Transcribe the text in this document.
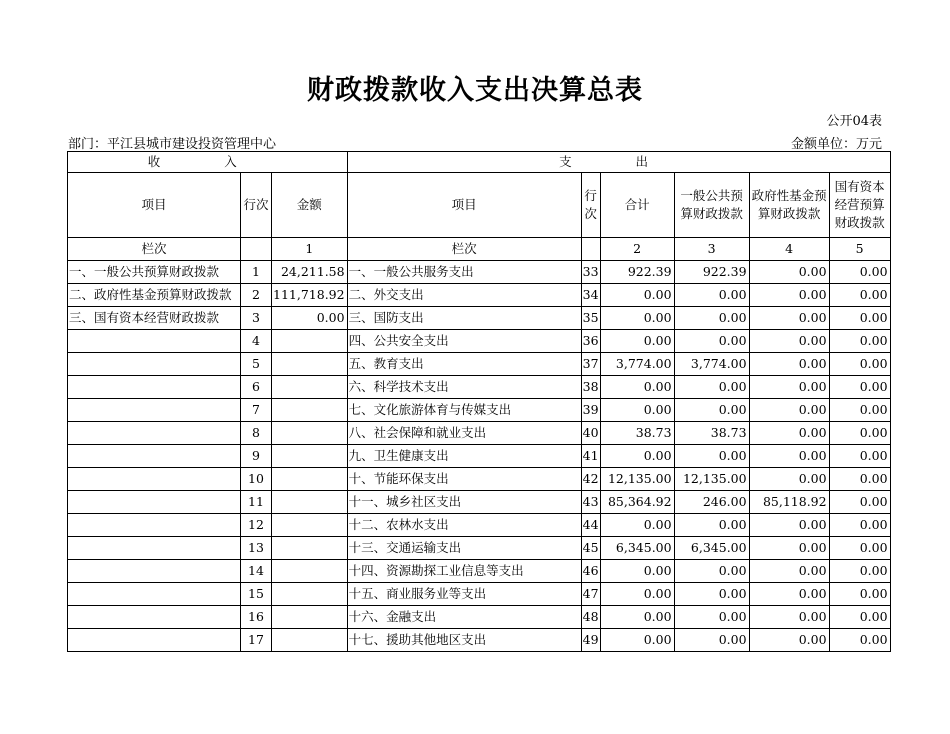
财政拨款收入支出决算总表
公开04表
部门：平江县城市建设投资管理中心	金额单位：万元
收 入			支 出					
项目	行次	金额	项目	行次	合计	一般公共预算财政拨款	政府性基金预算财政拨款	国有资本经营预算财政拨款
栏次		1	栏次		2	3	4	5
一、一般公共预算财政拨款	1	24,211.58	一、一般公共服务支出	33	922.39	922.39	0.00	0.00
二、政府性基金预算财政拨款	2	111,718.92	二、外交支出	34	0.00	0.00	0.00	0.00
三、国有资本经营财政拨款	3	0.00	三、国防支出	35	0.00	0.00	0.00	0.00
	4		四、公共安全支出	36	0.00	0.00	0.00	0.00
	5		五、教育支出	37	3,774.00	3,774.00	0.00	0.00
	6		六、科学技术支出	38	0.00	0.00	0.00	0.00
	7		七、文化旅游体育与传媒支出	39	0.00	0.00	0.00	0.00
	8		八、社会保障和就业支出	40	38.73	38.73	0.00	0.00
	9		九、卫生健康支出	41	0.00	0.00	0.00	0.00
	10		十、节能环保支出	42	12,135.00	12,135.00	0.00	0.00
	11		十一、城乡社区支出	43	85,364.92	246.00	85,118.92	0.00
	12		十二、农林水支出	44	0.00	0.00	0.00	0.00
	13		十三、交通运输支出	45	6,345.00	6,345.00	0.00	0.00
	14		十四、资源勘探工业信息等支出	46	0.00	0.00	0.00	0.00
	15		十五、商业服务业等支出	47	0.00	0.00	0.00	0.00
	16		十六、金融支出	48	0.00	0.00	0.00	0.00
	17		十七、援助其他地区支出	49	0.00	0.00	0.00	0.00
